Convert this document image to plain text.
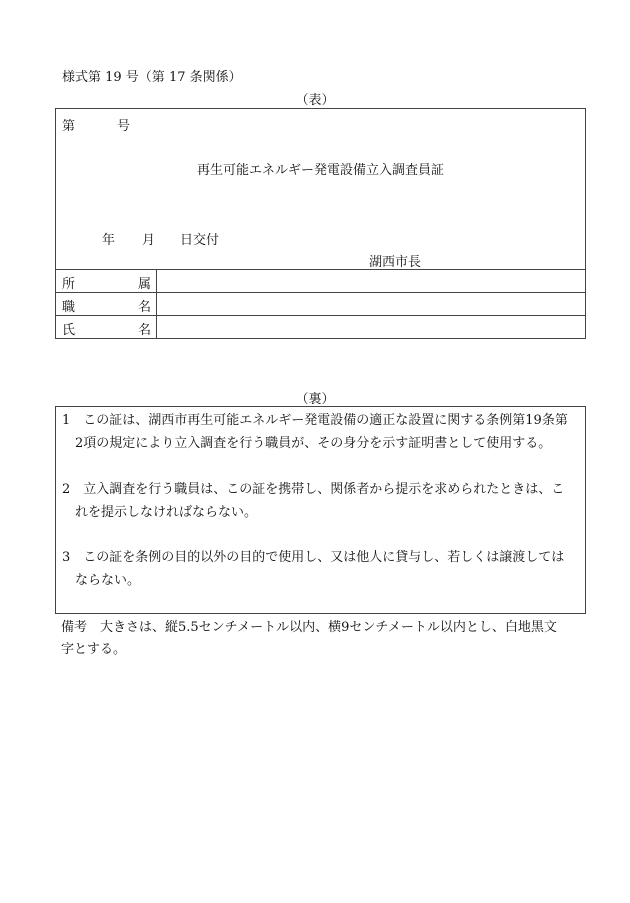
様式第 19 号（第 17 条関係）
（表）
第	号
再生可能エネルギー発電設備立入調査員証
年 月 日交付
湖西市長
所	属
職	名
氏	名
（裏）
1　この証は、湖西市再生可能エネルギー発電設備の適正な設置に関する条例第19条第
2項の規定により立入調査を行う職員が、その身分を示す証明書として使用する。
2　立入調査を行う職員は、この証を携帯し、関係者から提示を求められたときは、こ
れを提示しなければならない。
3　この証を条例の目的以外の目的で使用し、又は他人に貸与し、若しくは譲渡しては
ならない。
備考　大きさは、縦5.5センチメートル以内、横9センチメートル以内とし、白地黒文
字とする。
